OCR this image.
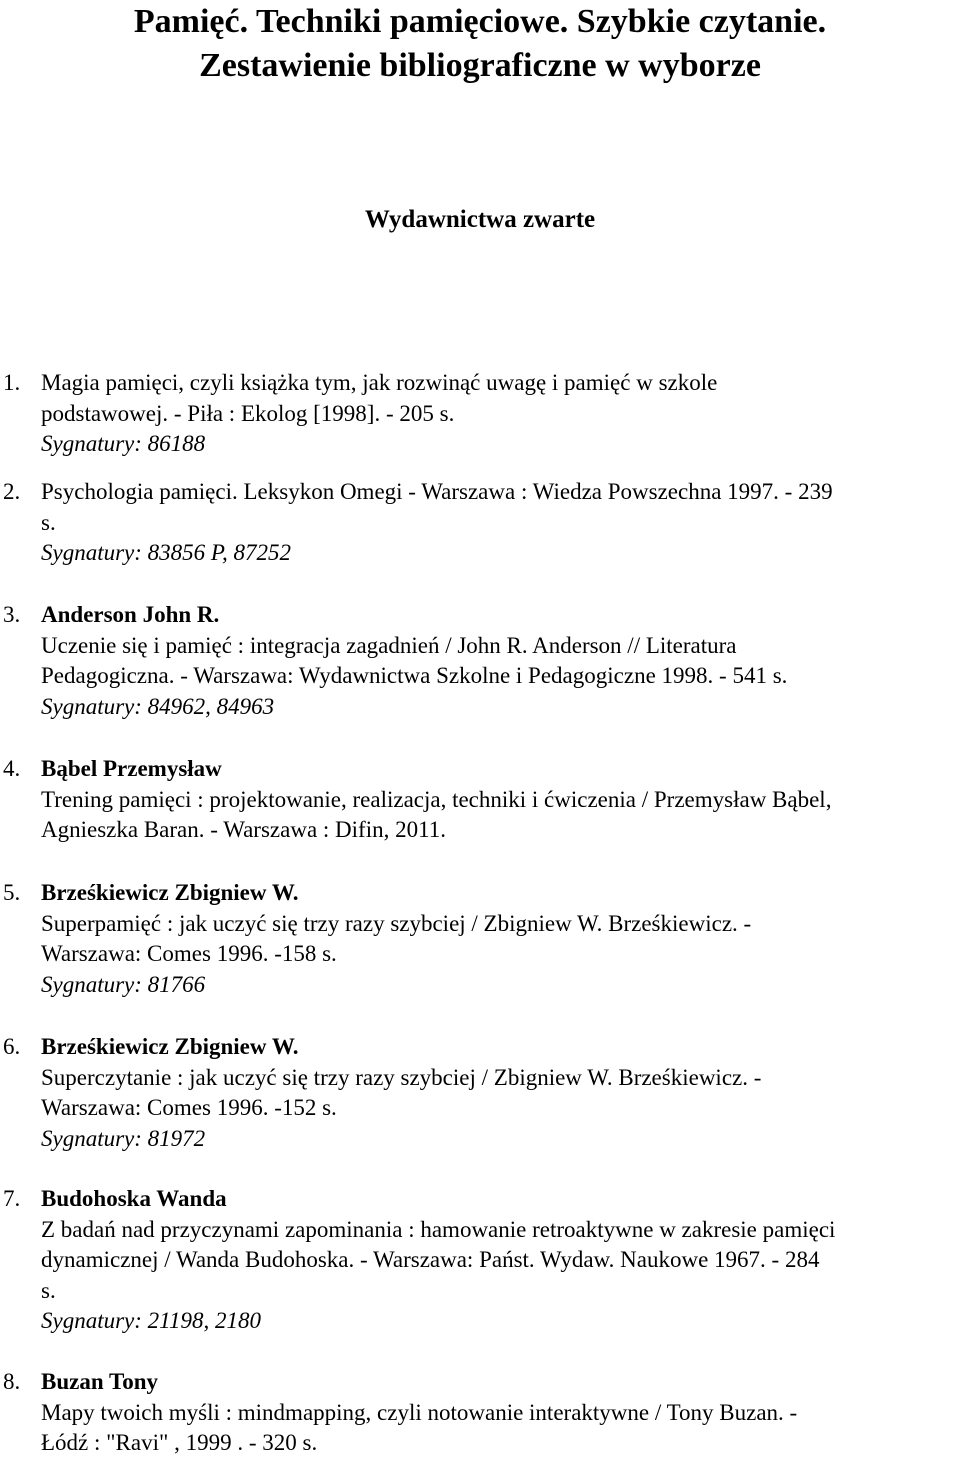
Pamięć. Techniki pamięciowe. Szybkie czytanie.
Zestawienie bibliograficzne w wyborze
Wydawnictwa zwarte
1. Magia pamięci, czyli książka tym, jak rozwinąć uwagę i pamięć w szkole
podstawowej. - Piła : Ekolog [1998]. - 205 s.
Sygnatury: 86188
2. Psychologia pamięci. Leksykon Omegi - Warszawa : Wiedza Powszechna 1997. - 239
s.
Sygnatury: 83856 P, 87252
3. Anderson John R.
Uczenie się i pamięć : integracja zagadnień / John R. Anderson // Literatura
Pedagogiczna. - Warszawa: Wydawnictwa Szkolne i Pedagogiczne 1998. - 541 s.
Sygnatury: 84962, 84963
4. Bąbel Przemysław
Trening pamięci : projektowanie, realizacja, techniki i ćwiczenia / Przemysław Bąbel,
Agnieszka Baran. - Warszawa : Difin, 2011.
5. Brześkiewicz Zbigniew W.
Superpamięć : jak uczyć się trzy razy szybciej / Zbigniew W. Brześkiewicz. -
Warszawa: Comes 1996. -158 s.
Sygnatury: 81766
6. Brześkiewicz Zbigniew W.
Superczytanie : jak uczyć się trzy razy szybciej / Zbigniew W. Brześkiewicz. -
Warszawa: Comes 1996. -152 s.
Sygnatury: 81972
7. Budohoska Wanda
Z badań nad przyczynami zapominania : hamowanie retroaktywne w zakresie pamięci
dynamicznej / Wanda Budohoska. - Warszawa: Państ. Wydaw. Naukowe 1967. - 284
s.
Sygnatury: 21198, 2180
8. Buzan Tony
Mapy twoich myśli : mindmapping, czyli notowanie interaktywne / Tony Buzan. -
Łódź : "Ravi" , 1999 . - 320 s.
